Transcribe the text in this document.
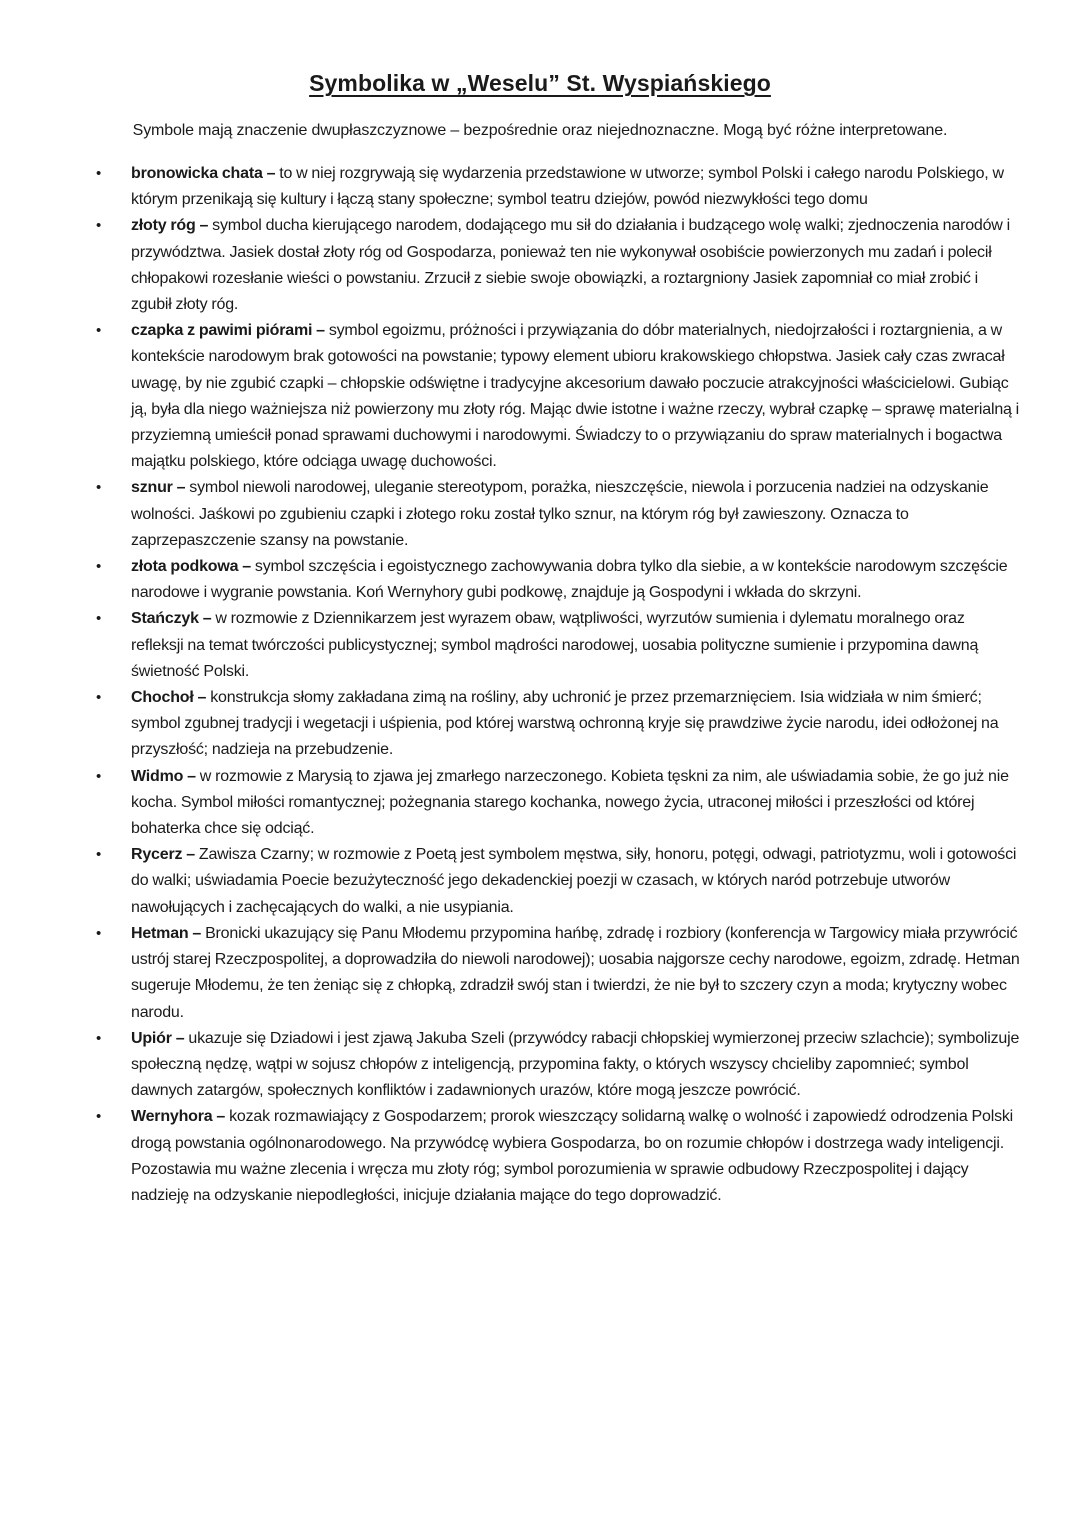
Symbolika w „Weselu” St. Wyspiańskiego
Symbole mają znaczenie dwupłaszczyznowe – bezpośrednie oraz niejednoznaczne. Mogą być różne interpretowane.
• bronowicka chata – to w niej rozgrywają się wydarzenia przedstawione w utworze; symbol Polski i całego narodu Polskiego, w którym przenikają się kultury i łączą stany społeczne; symbol teatru dziejów, powód niezwykłości tego domu
• złoty róg – symbol ducha kierującego narodem, dodającego mu sił do działania i budzącego wolę walki; zjednoczenia narodów i przywództwa. Jasiek dostał złoty róg od Gospodarza, ponieważ ten nie wykonywał osobiście powierzonych mu zadań i polecił chłopakowi rozesłanie wieści o powstaniu. Zrzucił z siebie swoje obowiązki, a roztargniony Jasiek zapomniał co miał zrobić i zgubił złoty róg.
• czapka z pawimi piórami – symbol egoizmu, próżności i przywiązania do dóbr materialnych, niedojrzałości i roztargnienia, a w kontekście narodowym brak gotowości na powstanie; typowy element ubioru krakowskiego chłopstwa. Jasiek cały czas zwracał uwagę, by nie zgubić czapki – chłopskie odświętne i tradycyjne akcesorium dawało poczucie atrakcyjności właścicielowi. Gubiąc ją, była dla niego ważniejsza niż powierzony mu złoty róg. Mając dwie istotne i ważne rzeczy, wybrał czapkę – sprawę materialną i przyziemną umieścił ponad sprawami duchowymi i narodowymi. Świadczy to o przywiązaniu do spraw materialnych i bogactwa majątku polskiego, które odciąga uwagę duchowości.
• sznur – symbol niewoli narodowej, uleganie stereotypom, porażka, nieszczęście, niewola i porzucenia nadziei na odzyskanie wolności. Jaśkowi po zgubieniu czapki i złotego roku został tylko sznur, na którym róg był zawieszony. Oznacza to zaprzepaszczenie szansy na powstanie.
• złota podkowa – symbol szczęścia i egoistycznego zachowywania dobra tylko dla siebie, a w kontekście narodowym szczęście narodowe i wygranie powstania. Koń Wernyhory gubi podkowę, znajduje ją Gospodyni i wkłada do skrzyni.
• Stańczyk – w rozmowie z Dziennikarzem jest wyrazem obaw, wątpliwości, wyrzutów sumienia i dylematu moralnego oraz refleksji na temat twórczości publicystycznej; symbol mądrości narodowej, uosabia polityczne sumienie i przypomina dawną świetność Polski.
• Chochoł – konstrukcja słomy zakładana zimą na rośliny, aby uchronić je przez przemarznięciem. Isia widziała w nim śmierć; symbol zgubnej tradycji i wegetacji i uśpienia, pod której warstwą ochronną kryje się prawdziwe życie narodu, idei odłożonej na przyszłość; nadzieja na przebudzenie.
• Widmo – w rozmowie z Marysią to zjawa jej zmarłego narzeczonego. Kobieta tęskni za nim, ale uświadamia sobie, że go już nie kocha. Symbol miłości romantycznej; pożegnania starego kochanka, nowego życia, utraconej miłości i przeszłości od której bohaterka chce się odciąć.
• Rycerz – Zawisza Czarny; w rozmowie z Poetą jest symbolem męstwa, siły, honoru, potęgi, odwagi, patriotyzmu, woli i gotowości do walki; uświadamia Poecie bezużyteczność jego dekadenckiej poezji w czasach, w których naród potrzebuje utworów nawołujących i zachęcających do walki, a nie usypiania.
• Hetman – Bronicki ukazujący się Panu Młodemu przypomina hańbę, zdradę i rozbiory (konferencja w Targowicy miała przywrócić ustrój starej Rzeczpospolitej, a doprowadziła do niewoli narodowej); uosabia najgorsze cechy narodowe, egoizm, zdradę. Hetman sugeruje Młodemu, że ten żeniąc się z chłopką, zdradził swój stan i twierdzi, że nie był to szczery czyn a moda; krytyczny wobec narodu.
• Upiór – ukazuje się Dziadowi i jest zjawą Jakuba Szeli (przywódcy rabacji chłopskiej wymierzonej przeciw szlachcie); symbolizuje społeczną nędzę, wątpi w sojusz chłopów z inteligencją, przypomina fakty, o których wszyscy chcieliby zapomnieć; symbol dawnych zatargów, społecznych konfliktów i zadawnionych urazów, które mogą jeszcze powrócić.
• Wernyhora – kozak rozmawiający z Gospodarzem; prorok wieszczący solidarną walkę o wolność i zapowiedź odrodzenia Polski drogą powstania ogólnonarodowego. Na przywódcę wybiera Gospodarza, bo on rozumie chłopów i dostrzega wady inteligencji. Pozostawia mu ważne zlecenia i wręcza mu złoty róg; symbol porozumienia w sprawie odbudowy Rzeczpospolitej i dający nadzieję na odzyskanie niepodległości, inicjuje działania mające do tego doprowadzić.
